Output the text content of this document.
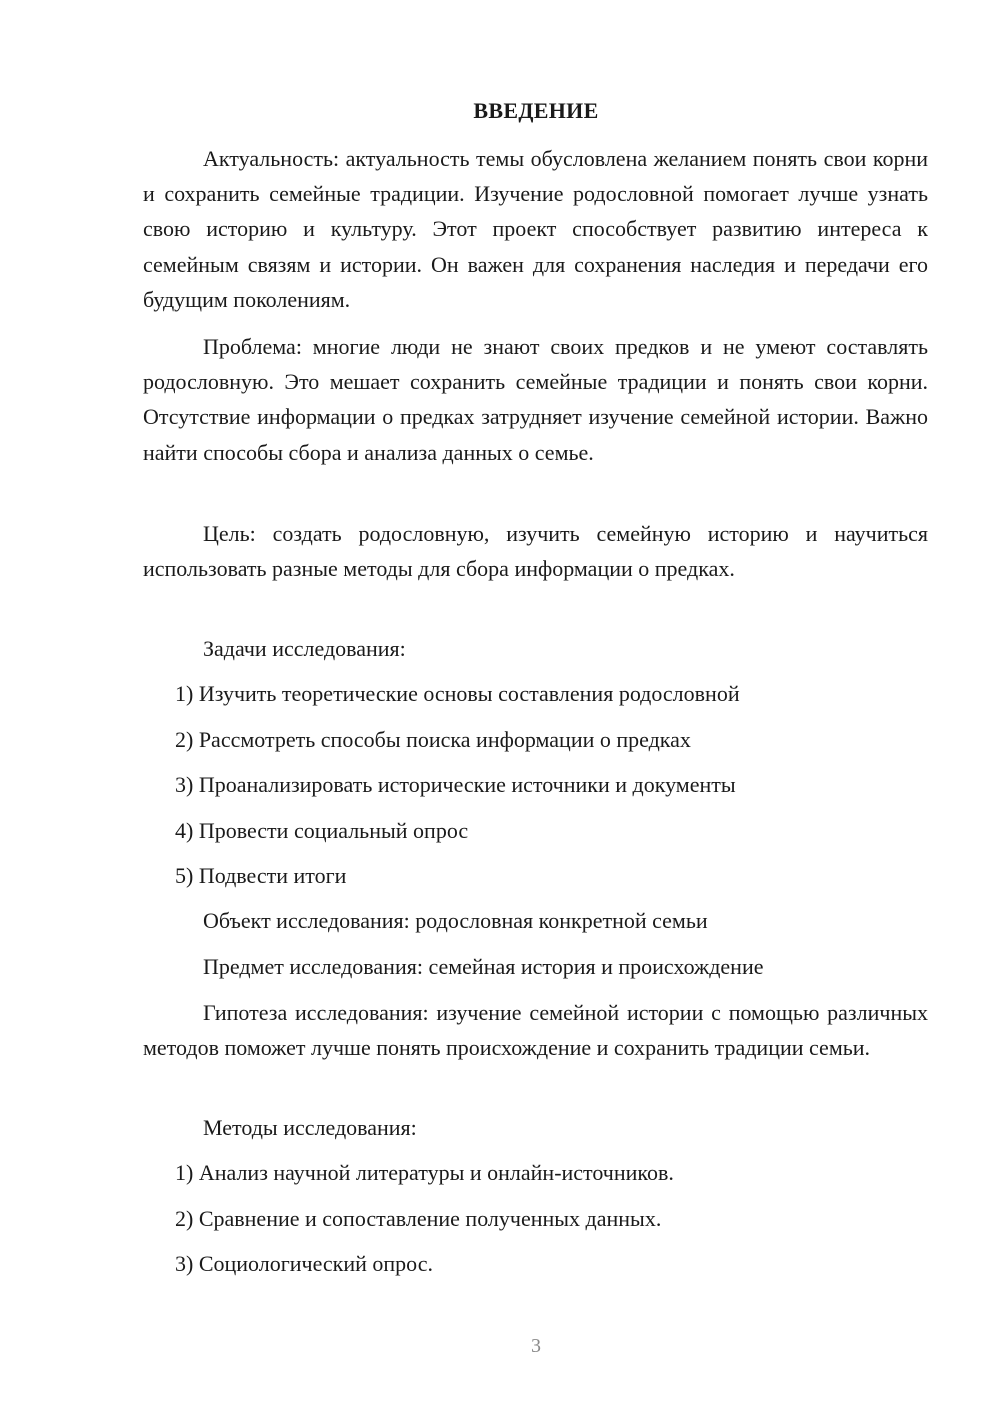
ВВЕДЕНИЕ

Актуальность: актуальность темы обусловлена желанием понять свои корни и сохранить семейные традиции. Изучение родословной помогает лучше узнать свою историю и культуру. Этот проект способствует развитию интереса к семейным связям и истории. Он важен для сохранения наследия и передачи его будущим поколениям.

Проблема: многие люди не знают своих предков и не умеют составлять родословную. Это мешает сохранить семейные традиции и понять свои корни. Отсутствие информации о предках затрудняет изучение семейной истории. Важно найти способы сбора и анализа данных о семье.

Цель: создать родословную, изучить семейную историю и научиться использовать разные методы для сбора информации о предках.

Задачи исследования:

1) Изучить теоретические основы составления родословной

2) Рассмотреть способы поиска информации о предках

3) Проанализировать исторические источники и документы

4) Провести социальный опрос

5) Подвести итоги

Объект исследования: родословная конкретной семьи

Предмет исследования: семейная история и происхождение

Гипотеза исследования: изучение семейной истории с помощью различных методов поможет лучше понять происхождение и сохранить традиции семьи.

Методы исследования:

1) Анализ научной литературы и онлайн-источников.

2) Сравнение и сопоставление полученных данных.

3) Социологический опрос.

3
